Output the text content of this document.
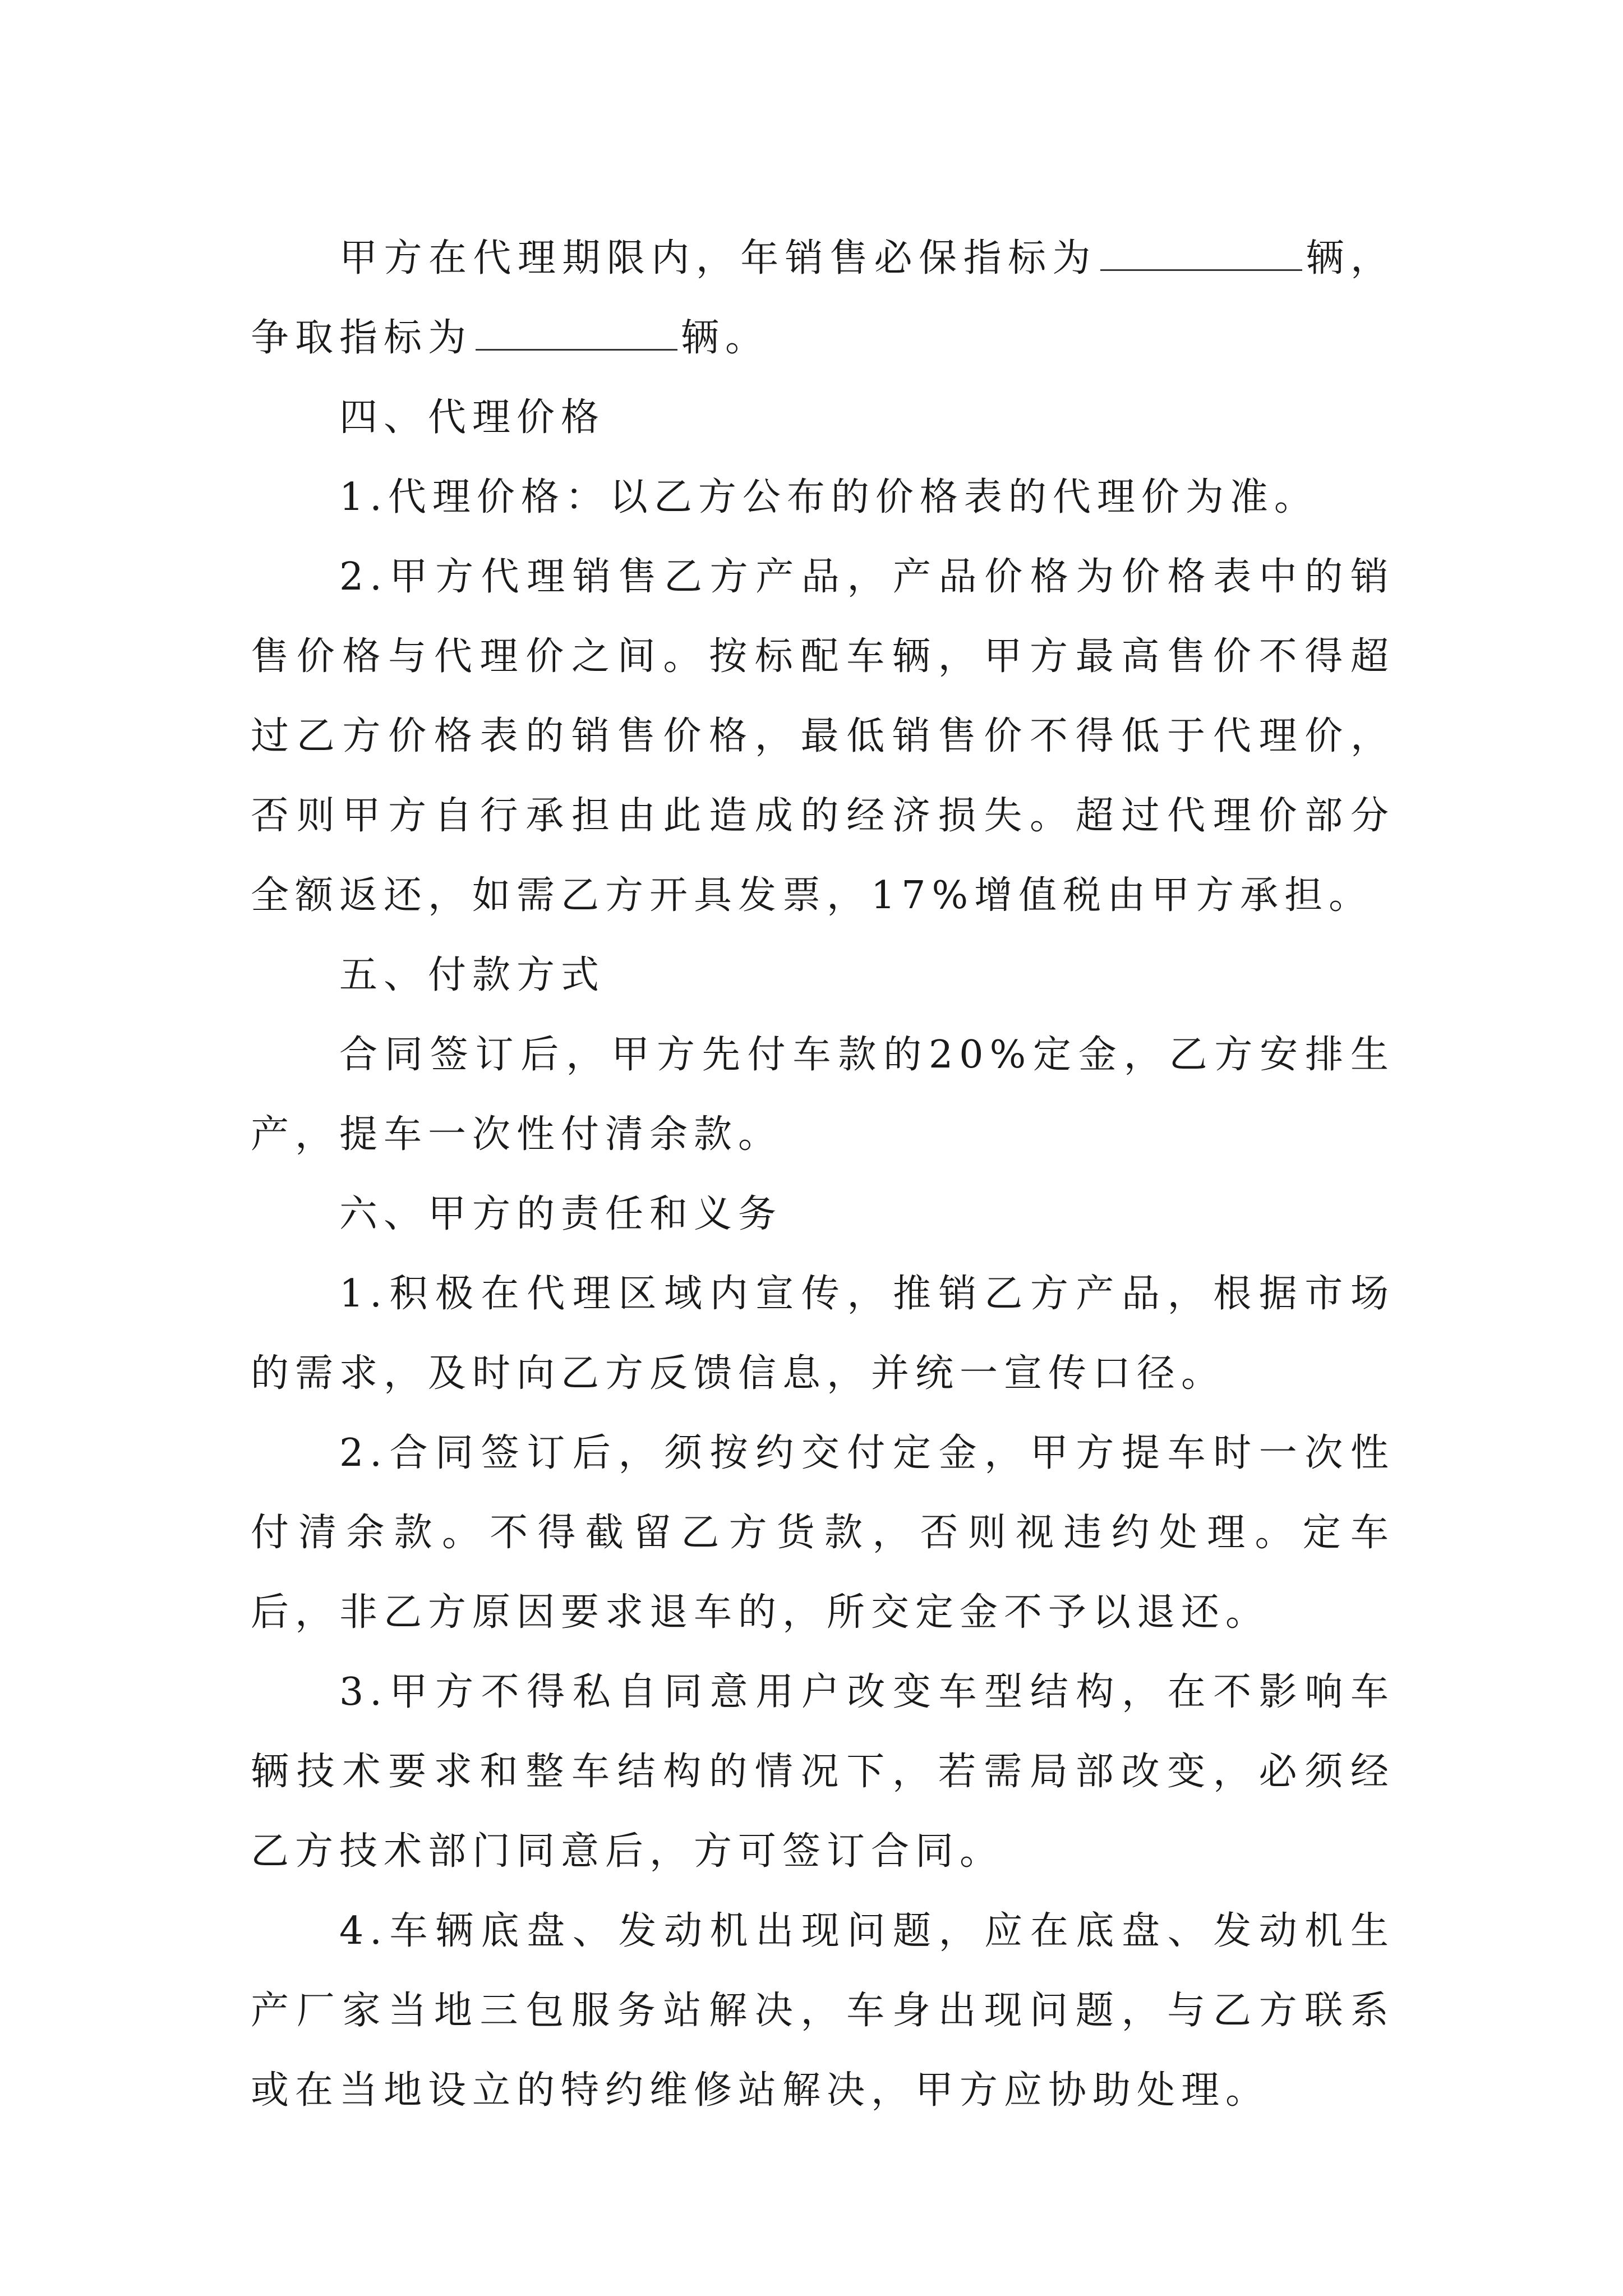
甲方在代理期限内，年销售必保指标为	辆，争取指标为	辆。

四、代理价格

1.代理价格：以乙方公布的价格表的代理价为准。

2.甲方代理销售乙方产品，产品价格为价格表中的销售价格与代理价之间。按标配车辆，甲方最高售价不得超过乙方价格表的销售价格，最低销售价不得低于代理价，否则甲方自行承担由此造成的经济损失。超过代理价部分全额返还，如需乙方开具发票，17%增值税由甲方承担。

五、付款方式

合同签订后，甲方先付车款的20%定金，乙方安排生产，提车一次性付清余款。

六、甲方的责任和义务

1.积极在代理区域内宣传，推销乙方产品，根据市场的需求，及时向乙方反馈信息，并统一宣传口径。

2.合同签订后，须按约交付定金，甲方提车时一次性付清余款。不得截留乙方货款，否则视违约处理。定车后，非乙方原因要求退车的，所交定金不予以退还。

3.甲方不得私自同意用户改变车型结构，在不影响车辆技术要求和整车结构的情况下，若需局部改变，必须经乙方技术部门同意后，方可签订合同。

4.车辆底盘、发动机出现问题，应在底盘、发动机生产厂家当地三包服务站解决，车身出现问题，与乙方联系或在当地设立的特约维修站解决，甲方应协助处理。
